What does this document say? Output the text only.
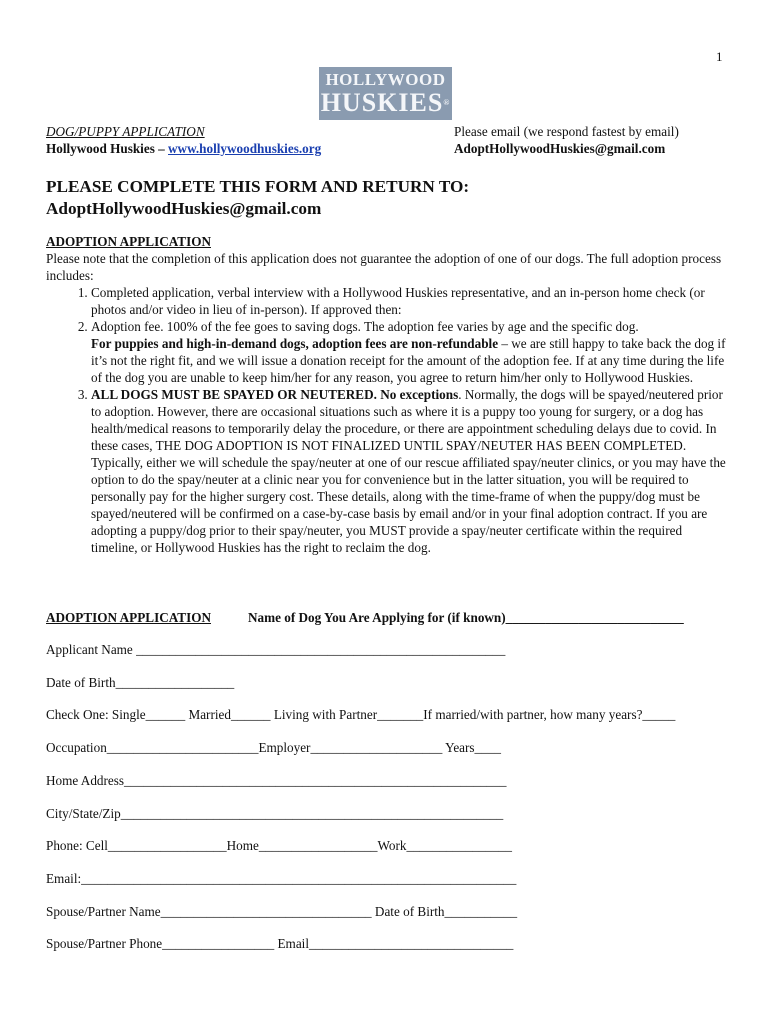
1
HOLLYWOOD
HUSKIES®
DOG/PUPPY APPLICATION
Hollywood Huskies – www.hollywoodhuskies.org
Please email (we respond fastest by email)
AdoptHollywoodHuskies@gmail.com
PLEASE COMPLETE THIS FORM AND RETURN TO:
AdoptHollywoodHuskies@gmail.com
ADOPTION APPLICATION
Please note that the completion of this application does not guarantee the adoption of one of our dogs. The full adoption process includes:
1. Completed application, verbal interview with a Hollywood Huskies representative, and an in-person home check (or photos and/or video in lieu of in-person). If approved then:
2. Adoption fee. 100% of the fee goes to saving dogs. The adoption fee varies by age and the specific dog.
For puppies and high-in-demand dogs, adoption fees are non-refundable – we are still happy to take back the dog if it’s not the right fit, and we will issue a donation receipt for the amount of the adoption fee. If at any time during the life of the dog you are unable to keep him/her for any reason, you agree to return him/her only to Hollywood Huskies.
3. ALL DOGS MUST BE SPAYED OR NEUTERED. No exceptions. Normally, the dogs will be spayed/neutered prior to adoption. However, there are occasional situations such as where it is a puppy too young for surgery, or a dog has health/medical reasons to temporarily delay the procedure, or there are appointment scheduling delays due to covid. In these cases, THE DOG ADOPTION IS NOT FINALIZED UNTIL SPAY/NEUTER HAS BEEN COMPLETED. Typically, either we will schedule the spay/neuter at one of our rescue affiliated spay/neuter clinics, or you may have the option to do the spay/neuter at a clinic near you for convenience but in the latter situation, you will be required to personally pay for the higher surgery cost. These details, along with the time-frame of when the puppy/dog must be spayed/neutered will be confirmed on a case-by-case basis by email and/or in your final adoption contract. If you are adopting a puppy/dog prior to their spay/neuter, you MUST provide a spay/neuter certificate within the required timeline, or Hollywood Huskies has the right to reclaim the dog.
ADOPTION APPLICATION	Name of Dog You Are Applying for (if known)___________________________
Applicant Name ________________________________________________________
Date of Birth__________________
Check One: Single______ Married______ Living with Partner_______If married/with partner, how many years?_____
Occupation_______________________Employer____________________ Years____
Home Address__________________________________________________________
City/State/Zip__________________________________________________________
Phone: Cell__________________Home__________________Work________________
Email:__________________________________________________________________
Spouse/Partner Name________________________________ Date of Birth___________
Spouse/Partner Phone_________________ Email_______________________________
